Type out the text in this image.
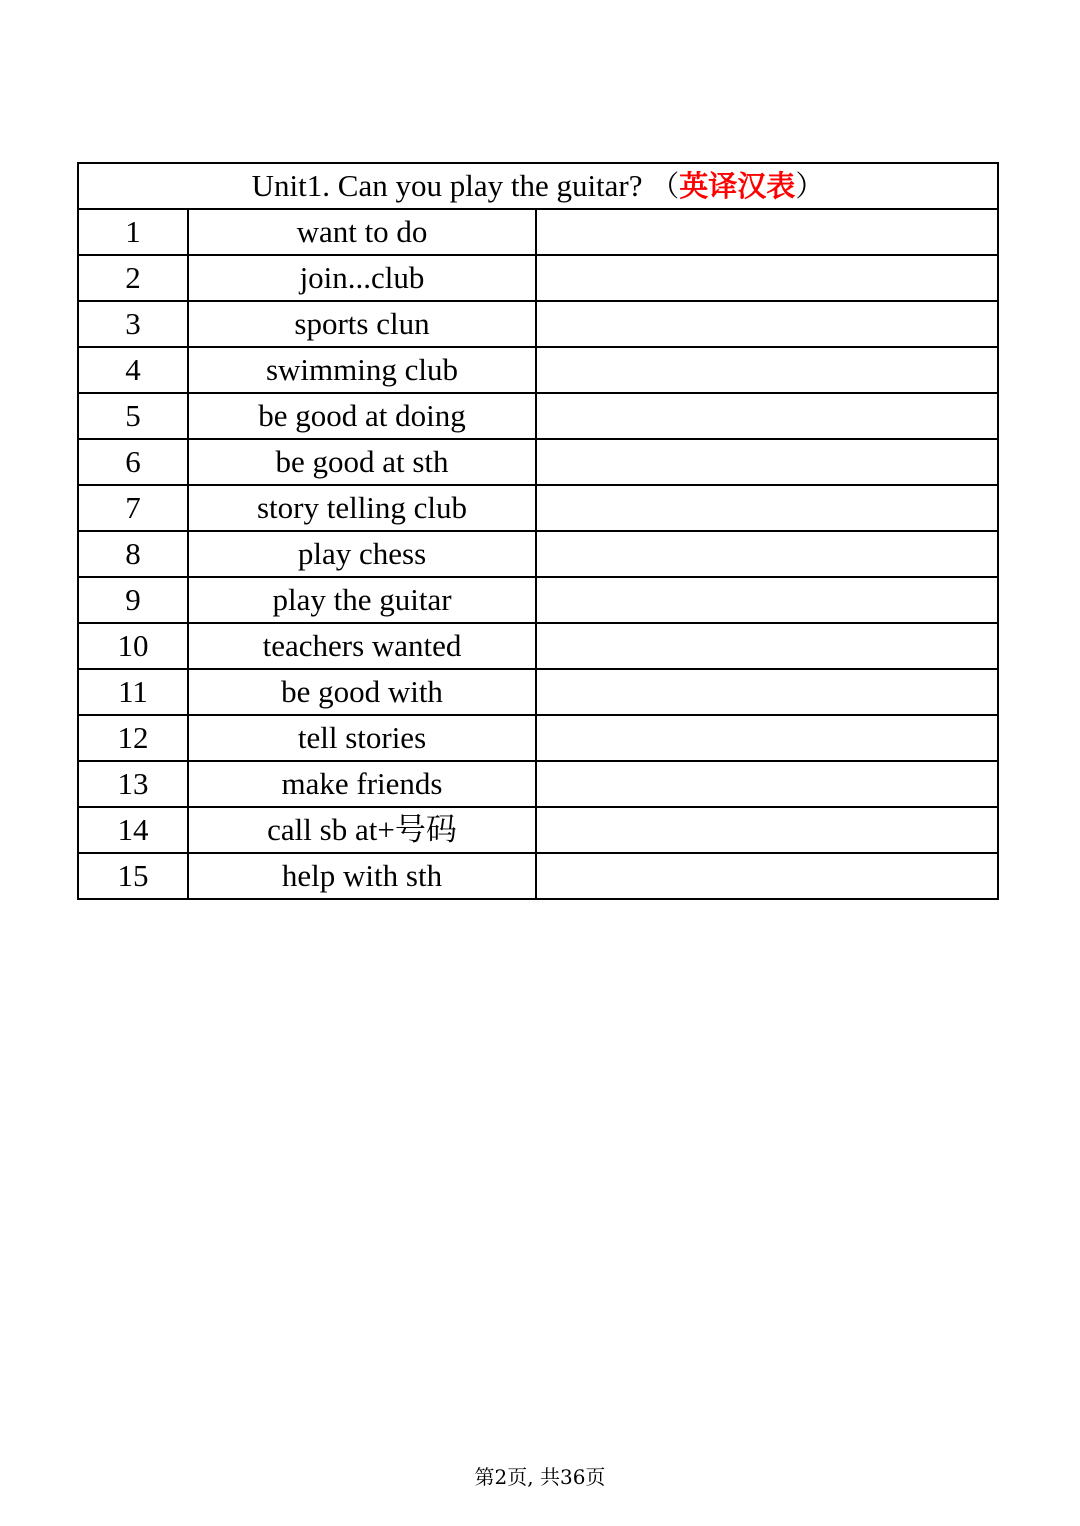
Unit1. Can you play the guitar? （英译汉表）		
1	want to do	
2	join...club	
3	sports clun	
4	swimming club	
5	be good at doing	
6	be good at sth	
7	story telling club	
8	play chess	
9	play the guitar	
10	teachers wanted	
11	be good with	
12	tell stories	
13	make friends	
14	call sb at+号码	
15	help with sth	
第2页, 共36页
